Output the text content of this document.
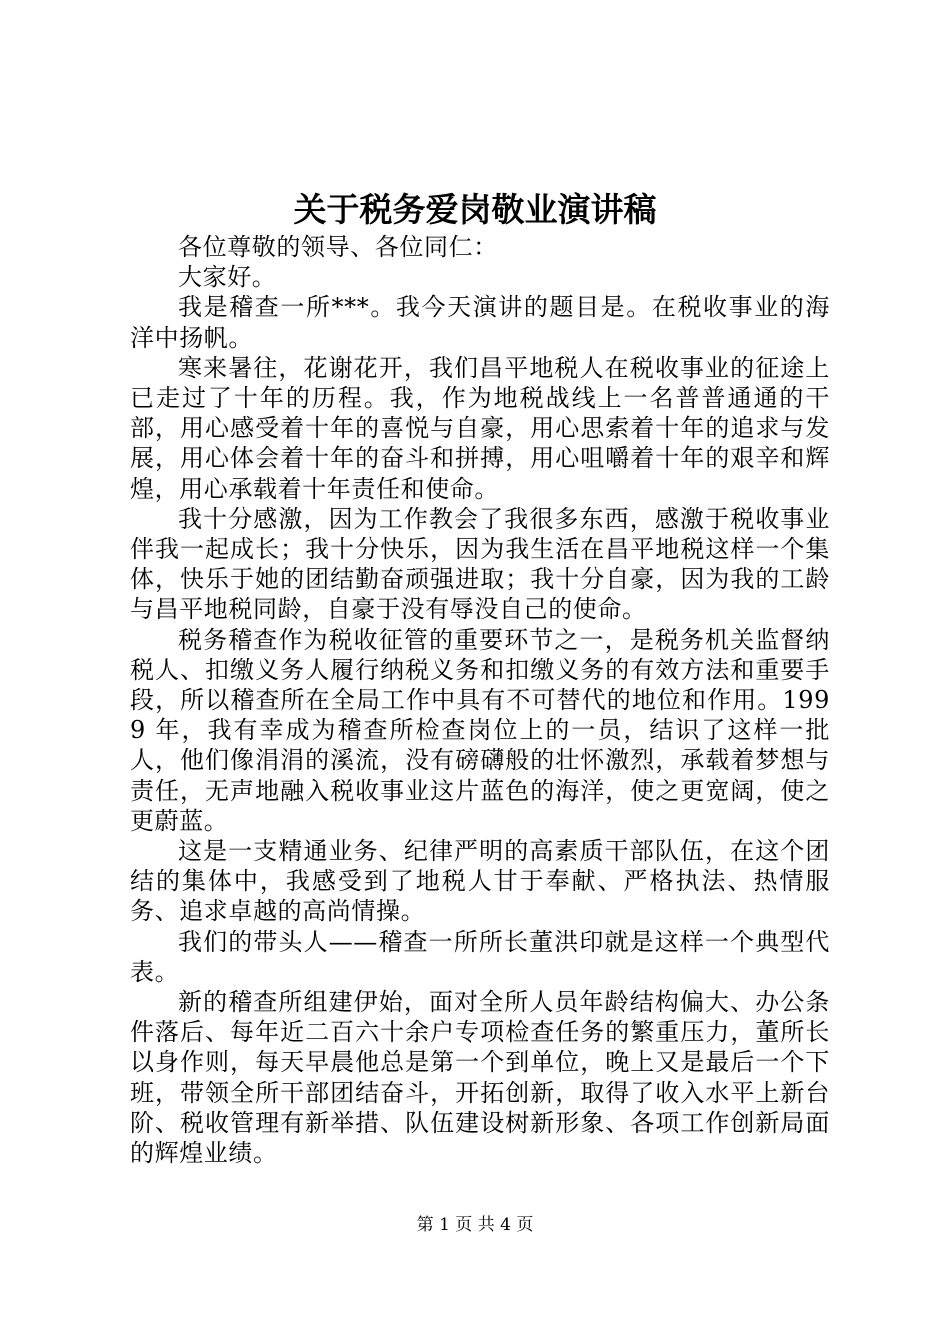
关于税务爱岗敬业演讲稿

各位尊敬的领导、各位同仁：

大家好。

我是稽查一所***。我今天演讲的题目是。在税收事业的海洋中扬帆。

寒来暑往，花谢花开，我们昌平地税人在税收事业的征途上已走过了十年的历程。我，作为地税战线上一名普普通通的干部，用心感受着十年的喜悦与自豪，用心思索着十年的追求与发展，用心体会着十年的奋斗和拼搏，用心咀嚼着十年的艰辛和辉煌，用心承载着十年责任和使命。

我十分感激，因为工作教会了我很多东西，感激于税收事业伴我一起成长；我十分快乐，因为我生活在昌平地税这样一个集体，快乐于她的团结勤奋顽强进取；我十分自豪，因为我的工龄与昌平地税同龄，自豪于没有辱没自己的使命。

税务稽查作为税收征管的重要环节之一，是税务机关监督纳税人、扣缴义务人履行纳税义务和扣缴义务的有效方法和重要手段，所以稽查所在全局工作中具有不可替代的地位和作用。1999 年，我有幸成为稽查所检查岗位上的一员，结识了这样一批人，他们像涓涓的溪流，没有磅礴般的壮怀激烈，承载着梦想与责任，无声地融入税收事业这片蓝色的海洋，使之更宽阔，使之更蔚蓝。

这是一支精通业务、纪律严明的高素质干部队伍，在这个团结的集体中，我感受到了地税人甘于奉献、严格执法、热情服务、追求卓越的高尚情操。

我们的带头人——稽查一所所长董洪印就是这样一个典型代表。

新的稽查所组建伊始，面对全所人员年龄结构偏大、办公条件落后、每年近二百六十余户专项检查任务的繁重压力，董所长以身作则，每天早晨他总是第一个到单位，晚上又是最后一个下班，带领全所干部团结奋斗，开拓创新，取得了收入水平上新台阶、税收管理有新举措、队伍建设树新形象、各项工作创新局面的辉煌业绩。

第 1 页 共 4 页
